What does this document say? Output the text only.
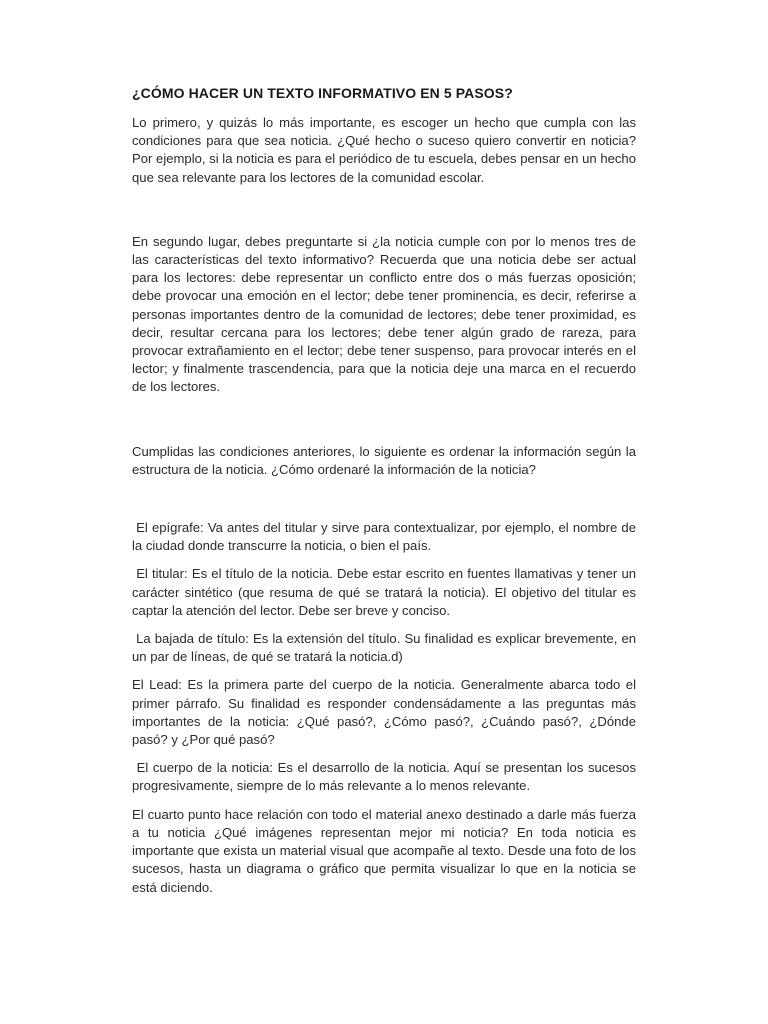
¿CÓMO HACER UN TEXTO INFORMATIVO EN 5 PASOS?

Lo primero, y quizás lo más importante, es escoger un hecho que cumpla con las condiciones para que sea noticia. ¿Qué hecho o suceso quiero convertir en noticia? Por ejemplo, si la noticia es para el periódico de tu escuela, debes pensar en un hecho que sea relevante para los lectores de la comunidad escolar.

En segundo lugar, debes preguntarte si ¿la noticia cumple con por lo menos tres de las características del texto informativo? Recuerda que una noticia debe ser actual para los lectores: debe representar un conflicto entre dos o más fuerzas oposición; debe provocar una emoción en el lector; debe tener prominencia, es decir, referirse a personas importantes dentro de la comunidad de lectores; debe tener proximidad, es decir, resultar cercana para los lectores; debe tener algún grado de rareza, para provocar extrañamiento en el lector; debe tener suspenso, para provocar interés en el lector; y finalmente trascendencia, para que la noticia deje una marca en el recuerdo de los lectores.

Cumplidas las condiciones anteriores, lo siguiente es ordenar la información según la estructura de la noticia. ¿Cómo ordenaré la información de la noticia?

El epígrafe: Va antes del titular y sirve para contextualizar, por ejemplo, el nombre de la ciudad donde transcurre la noticia, o bien el país.

El titular: Es el título de la noticia. Debe estar escrito en fuentes llamativas y tener un carácter sintético (que resuma de qué se tratará la noticia). El objetivo del titular es captar la atención del lector. Debe ser breve y conciso.

La bajada de título: Es la extensión del título. Su finalidad es explicar brevemente, en un par de líneas, de qué se tratará la noticia.d)

El Lead: Es la primera parte del cuerpo de la noticia. Generalmente abarca todo el primer párrafo. Su finalidad es responder condensádamente a las preguntas más importantes de la noticia: ¿Qué pasó?, ¿Cómo pasó?, ¿Cuándo pasó?, ¿Dónde pasó? y ¿Por qué pasó?

El cuerpo de la noticia: Es el desarrollo de la noticia. Aquí se presentan los sucesos progresivamente, siempre de lo más relevante a lo menos relevante.

El cuarto punto hace relación con todo el material anexo destinado a darle más fuerza a tu noticia ¿Qué imágenes representan mejor mi noticia? En toda noticia es importante que exista un material visual que acompañe al texto. Desde una foto de los sucesos, hasta un diagrama o gráfico que permita visualizar lo que en la noticia se está diciendo.
